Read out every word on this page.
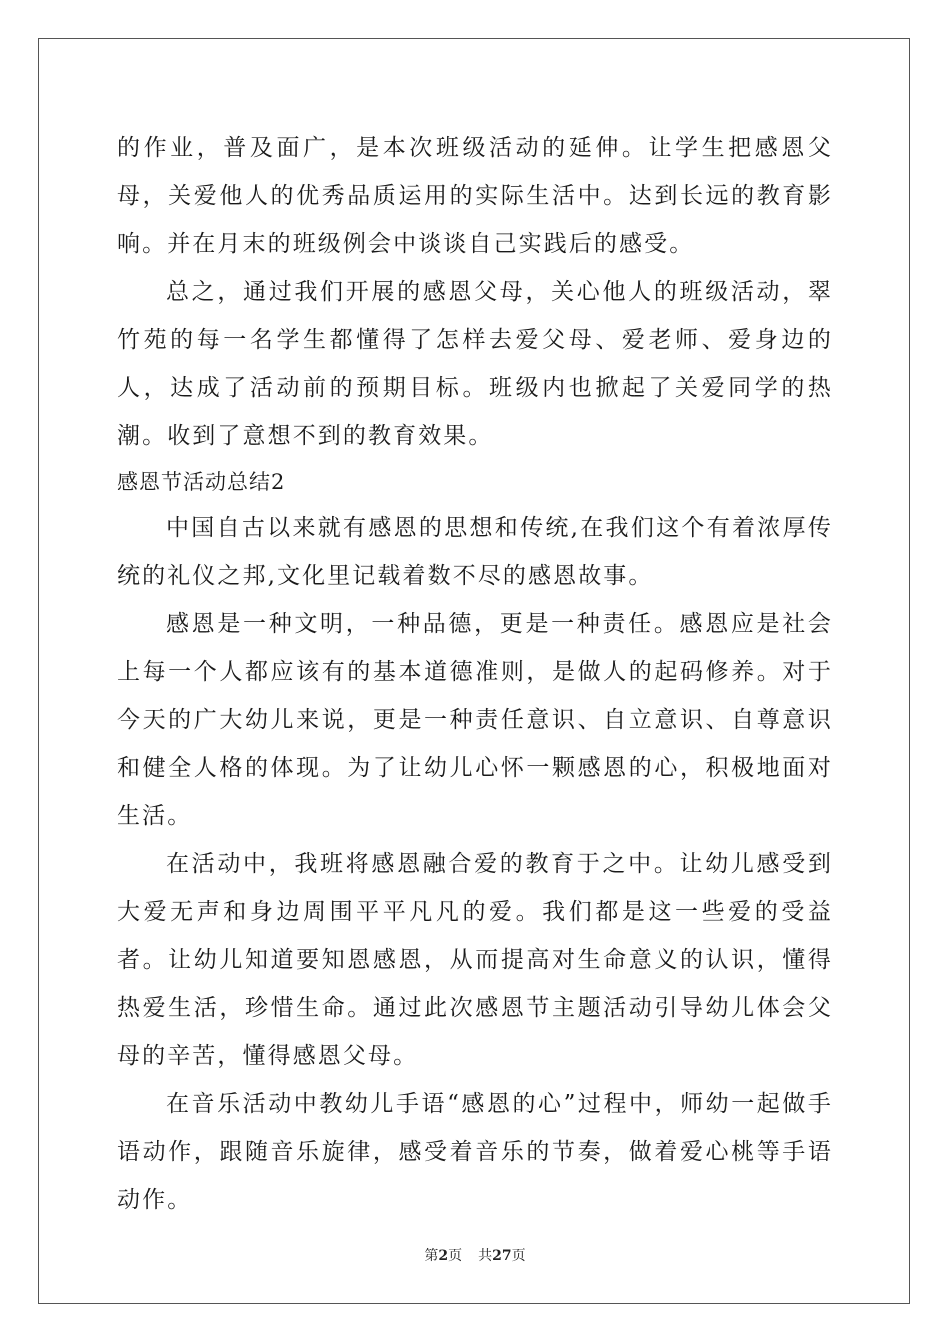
的作业，普及面广，是本次班级活动的延伸。让学生把感恩父母，关爱他人的优秀品质运用的实际生活中。达到长远的教育影响。并在月末的班级例会中谈谈自己实践后的感受。

总之，通过我们开展的感恩父母，关心他人的班级活动，翠竹苑的每一名学生都懂得了怎样去爱父母、爱老师、爱身边的人，达成了活动前的预期目标。班级内也掀起了关爱同学的热潮。收到了意想不到的教育效果。

感恩节活动总结2

中国自古以来就有感恩的思想和传统,在我们这个有着浓厚传统的礼仪之邦,文化里记载着数不尽的感恩故事。

感恩是一种文明，一种品德，更是一种责任。感恩应是社会上每一个人都应该有的基本道德准则，是做人的起码修养。对于今天的广大幼儿来说，更是一种责任意识、自立意识、自尊意识和健全人格的体现。为了让幼儿心怀一颗感恩的心，积极地面对生活。

在活动中，我班将感恩融合爱的教育于之中。让幼儿感受到大爱无声和身边周围平平凡凡的爱。我们都是这一些爱的受益者。让幼儿知道要知恩感恩，从而提高对生命意义的认识，懂得热爱生活，珍惜生命。通过此次感恩节主题活动引导幼儿体会父母的辛苦，懂得感恩父母。

在音乐活动中教幼儿手语“感恩的心”过程中，师幼一起做手语动作，跟随音乐旋律，感受着音乐的节奏，做着爱心桃等手语动作。

第2页 共27页
